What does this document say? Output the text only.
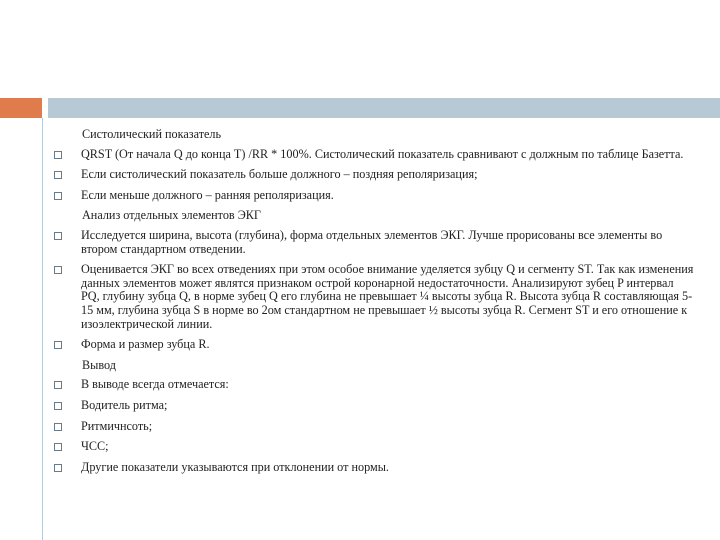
Систолический показатель
QRST (От начала Q до конца T) /RR * 100%. Систолический показатель сравнивают с должным по таблице Базетта.
Если систолический показатель больше должного – поздняя реполяризация;
Если меньше должного – ранняя реполяризация.
Анализ отдельных элементов ЭКГ
Исследуется ширина, высота (глубина), форма отдельных элементов ЭКГ. Лучше прорисованы все элементы во втором стандартном отведении.
Оценивается ЭКГ во всех отведениях при этом особое внимание уделяется зубцу Q и сегменту ST. Так как изменения данных элементов может являтся признаком острой коронарной недостаточности. Анализируют зубец P интервал PQ, глубину зубца Q, в норме зубец Q его глубина не превышает ¼ высоты зубца R. Высота зубца R составляющая 5-15 мм, глубина зубца S в норме во 2ом стандартном не превышает ½ высоты зубца R. Сегмент ST и его отношение к изоэлектрической линии.
Форма и размер зубца R.
Вывод
В выводе всегда отмечается:
Водитель ритма;
Ритмичнсоть;
ЧСС;
Другие показатели указываются при отклонении от нормы.
